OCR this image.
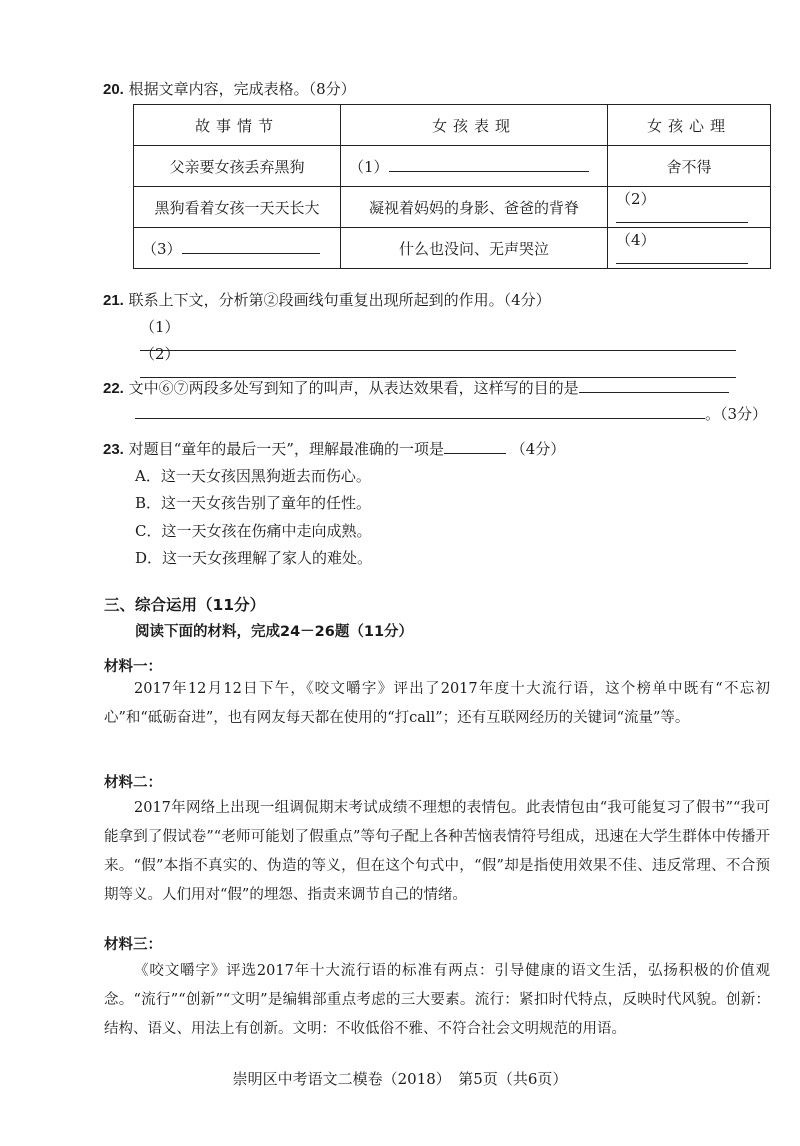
20. 根据文章内容，完成表格。（8分）
故事情节	女孩表现	女孩心理
父亲要女孩丢弃黑狗	（1）	舍不得
黑狗看着女孩一天天长大	凝视着妈妈的身影、爸爸的背脊	（2）
（3）	什么也没问、无声哭泣	（4）
21. 联系上下文，分析第②段画线句重复出现所起到的作用。（4分）
（1）
（2）
22. 文中⑥⑦两段多处写到知了的叫声，从表达效果看，这样写的目的是
。（3分）
23. 对题目“童年的最后一天”，理解最准确的一项是	（4分）
A．这一天女孩因黑狗逝去而伤心。
B．这一天女孩告别了童年的任性。
C．这一天女孩在伤痛中走向成熟。
D．这一天女孩理解了家人的难处。
三、综合运用（11分）
阅读下面的材料，完成24－26题（11分）
材料一：
2017年12月12日下午，《咬文嚼字》评出了2017年度十大流行语，这个榜单中既有“不忘初心”和“砥砺奋进”，也有网友每天都在使用的“打call”；还有互联网经历的关键词“流量”等。
材料二：
2017年网络上出现一组调侃期末考试成绩不理想的表情包。此表情包由“我可能复习了假书”“我可能拿到了假试卷”“老师可能划了假重点”等句子配上各种苦恼表情符号组成，迅速在大学生群体中传播开来。“假”本指不真实的、伪造的等义，但在这个句式中，“假”却是指使用效果不佳、违反常理、不合预期等义。人们用对“假”的埋怨、指责来调节自己的情绪。
材料三：
《咬文嚼字》评选2017年十大流行语的标准有两点：引导健康的语文生活，弘扬积极的价值观念。“流行”“创新”“文明”是编辑部重点考虑的三大要素。流行：紧扣时代特点，反映时代风貌。创新：结构、语义、用法上有创新。文明：不收低俗不雅、不符合社会文明规范的用语。
崇明区中考语文二模卷（2018）　第5页（共6页）
